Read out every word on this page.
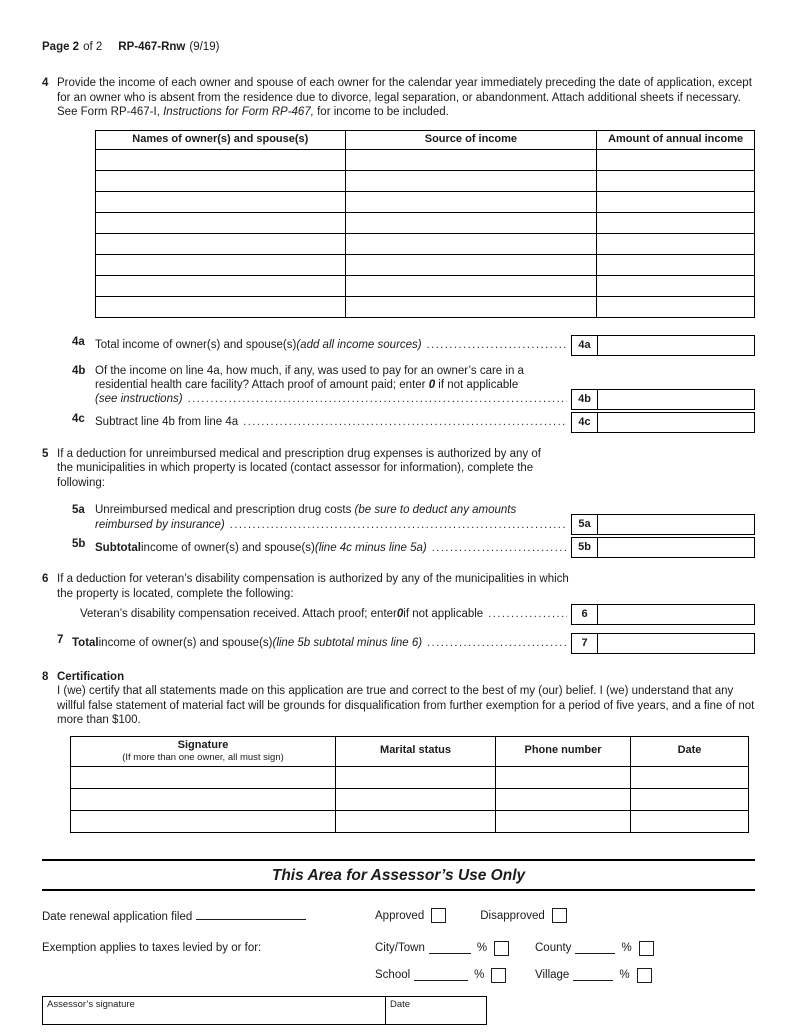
Page 2 of 2 RP-467-Rnw (9/19)
4 Provide the income of each owner and spouse of each owner for the calendar year immediately preceding the date of application, except for an owner who is absent from the residence due to divorce, legal separation, or abandonment. Attach additional sheets if necessary. See Form RP-467-I, Instructions for Form RP-467, for income to be included.
Names of owner(s) and spouse(s)	Source of income	Amount of annual income

4a Total income of owner(s) and spouse(s) (add all income sources) .....	4a
4b Of the income on line 4a, how much, if any, was used to pay for an owner’s care in a
residential health care facility? Attach proof of amount paid; enter 0 if not applicable
(see instructions) .....	4b
4c Subtract line 4b from line 4a .....	4c
5 If a deduction for unreimbursed medical and prescription drug expenses is authorized by any of the municipalities in which property is located (contact assessor for information), complete the following:
5a Unreimbursed medical and prescription drug costs (be sure to deduct any amounts
reimbursed by insurance) .....	5a
5b Subtotal income of owner(s) and spouse(s) (line 4c minus line 5a) .....	5b
6 If a deduction for veteran’s disability compensation is authorized by any of the municipalities in which the property is located, complete the following:
Veteran’s disability compensation received. Attach proof; enter 0 if not applicable .....	6
7 Total income of owner(s) and spouse(s) (line 5b subtotal minus line 6) .....	7
8 Certification
I (we) certify that all statements made on this application are true and correct to the best of my (our) belief. I (we) understand that any willful false statement of material fact will be grounds for disqualification from further exemption for a period of five years, and a fine of not more than $100.
Signature
(If more than one owner, all must sign)	Marital status	Phone number	Date

This Area for Assessor’s Use Only
Date renewal application filed	Approved	Disapproved
Exemption applies to taxes levied by or for:	City/Town	%	County	%
School	%	Village	%
Assessor’s signature	Date
